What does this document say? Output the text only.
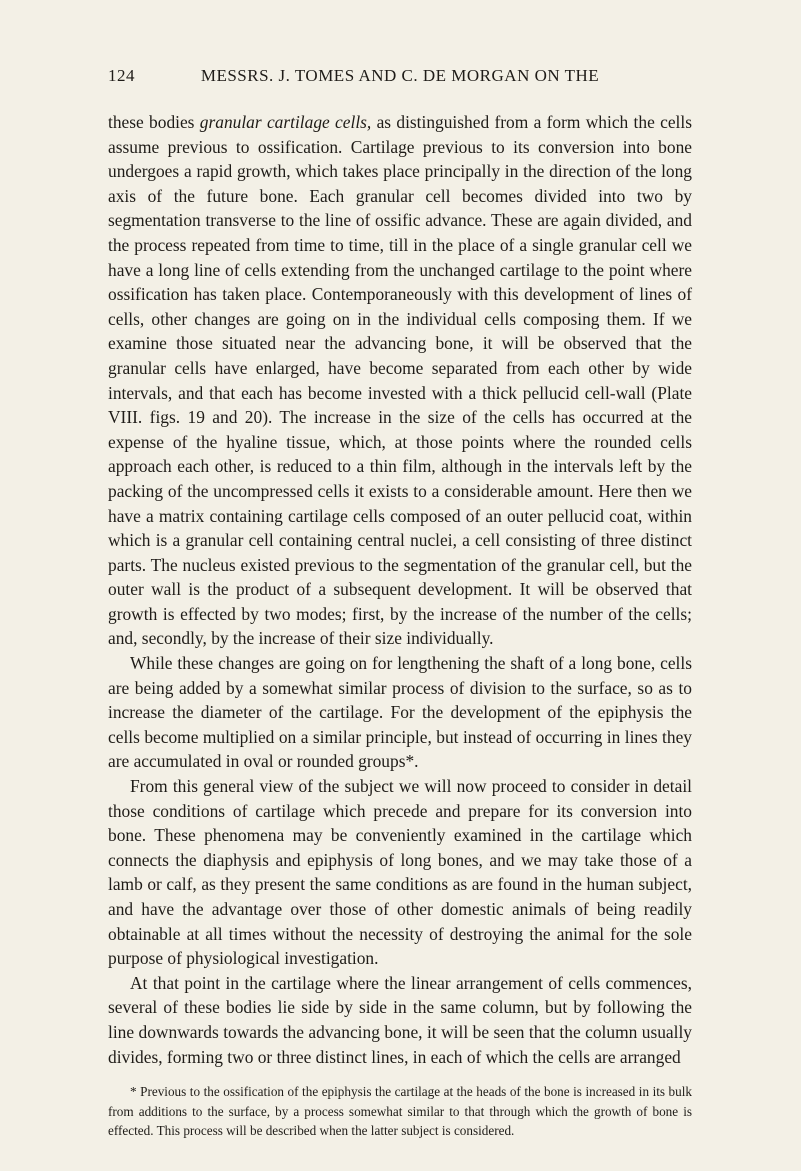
124	MESSRS. J. TOMES AND C. DE MORGAN ON THE

these bodies granular cartilage cells, as distinguished from a form which the cells assume previous to ossification. Cartilage previous to its conversion into bone undergoes a rapid growth, which takes place principally in the direction of the long axis of the future bone. Each granular cell becomes divided into two by segmentation transverse to the line of ossific advance. These are again divided, and the process repeated from time to time, till in the place of a single granular cell we have a long line of cells extending from the unchanged cartilage to the point where ossification has taken place. Contemporaneously with this development of lines of cells, other changes are going on in the individual cells composing them. If we examine those situated near the advancing bone, it will be observed that the granular cells have enlarged, have become separated from each other by wide intervals, and that each has become invested with a thick pellucid cell-wall (Plate VIII. figs. 19 and 20). The increase in the size of the cells has occurred at the expense of the hyaline tissue, which, at those points where the rounded cells approach each other, is reduced to a thin film, although in the intervals left by the packing of the uncompressed cells it exists to a considerable amount. Here then we have a matrix containing cartilage cells composed of an outer pellucid coat, within which is a granular cell containing central nuclei, a cell consisting of three distinct parts. The nucleus existed previous to the segmentation of the granular cell, but the outer wall is the product of a subsequent development. It will be observed that growth is effected by two modes; first, by the increase of the number of the cells; and, secondly, by the increase of their size individually.

While these changes are going on for lengthening the shaft of a long bone, cells are being added by a somewhat similar process of division to the surface, so as to increase the diameter of the cartilage. For the development of the epiphysis the cells become multiplied on a similar principle, but instead of occurring in lines they are accumulated in oval or rounded groups*.

From this general view of the subject we will now proceed to consider in detail those conditions of cartilage which precede and prepare for its conversion into bone. These phenomena may be conveniently examined in the cartilage which connects the diaphysis and epiphysis of long bones, and we may take those of a lamb or calf, as they present the same conditions as are found in the human subject, and have the advantage over those of other domestic animals of being readily obtainable at all times without the necessity of destroying the animal for the sole purpose of physiological investigation.

At that point in the cartilage where the linear arrangement of cells commences, several of these bodies lie side by side in the same column, but by following the line downwards towards the advancing bone, it will be seen that the column usually divides, forming two or three distinct lines, in each of which the cells are arranged

* Previous to the ossification of the epiphysis the cartilage at the heads of the bone is increased in its bulk from additions to the surface, by a process somewhat similar to that through which the growth of bone is effected. This process will be described when the latter subject is considered.
